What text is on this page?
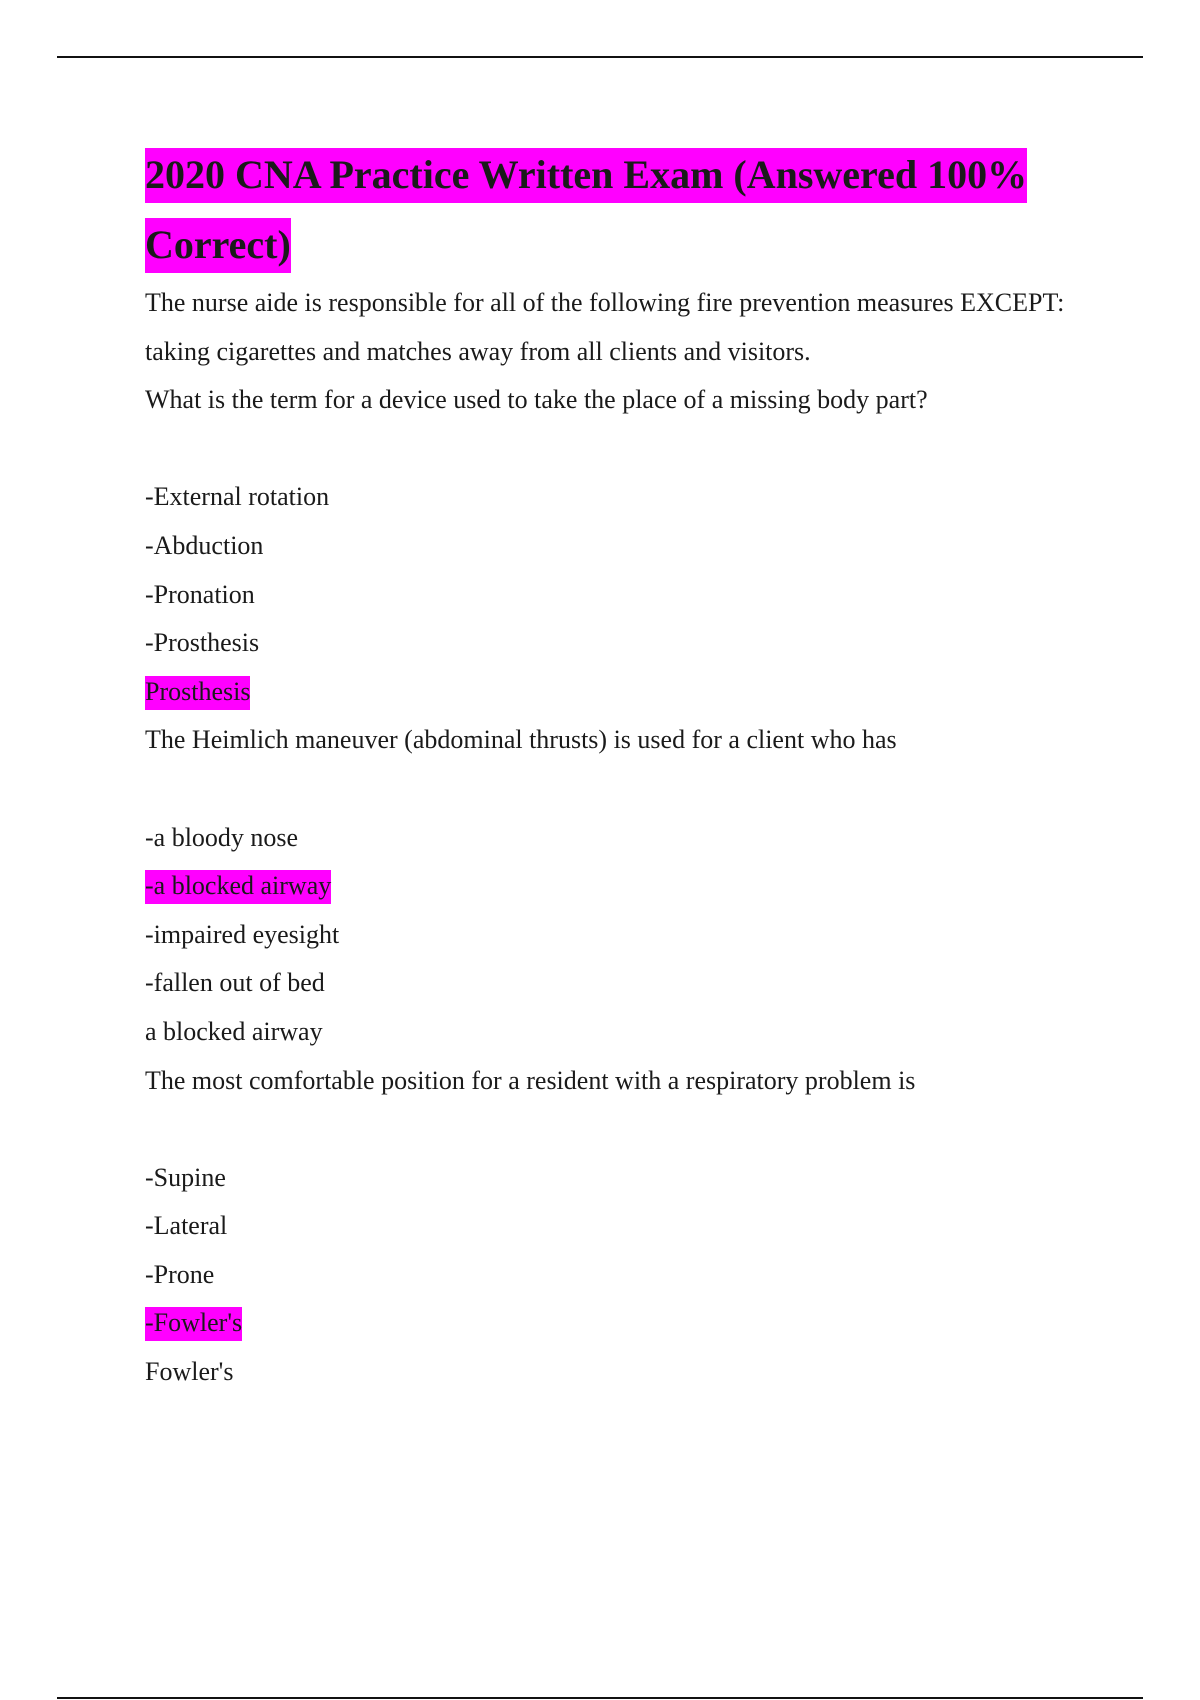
2020 CNA Practice Written Exam (Answered 100% Correct)

The nurse aide is responsible for all of the following fire prevention measures EXCEPT:

taking cigarettes and matches away from all clients and visitors.

What is the term for a device used to take the place of a missing body part?

-External rotation

-Abduction

-Pronation

-Prosthesis

Prosthesis

The Heimlich maneuver (abdominal thrusts) is used for a client who has

-a bloody nose

-a blocked airway

-impaired eyesight

-fallen out of bed

a blocked airway

The most comfortable position for a resident with a respiratory problem is

-Supine

-Lateral

-Prone

-Fowler's

Fowler's
